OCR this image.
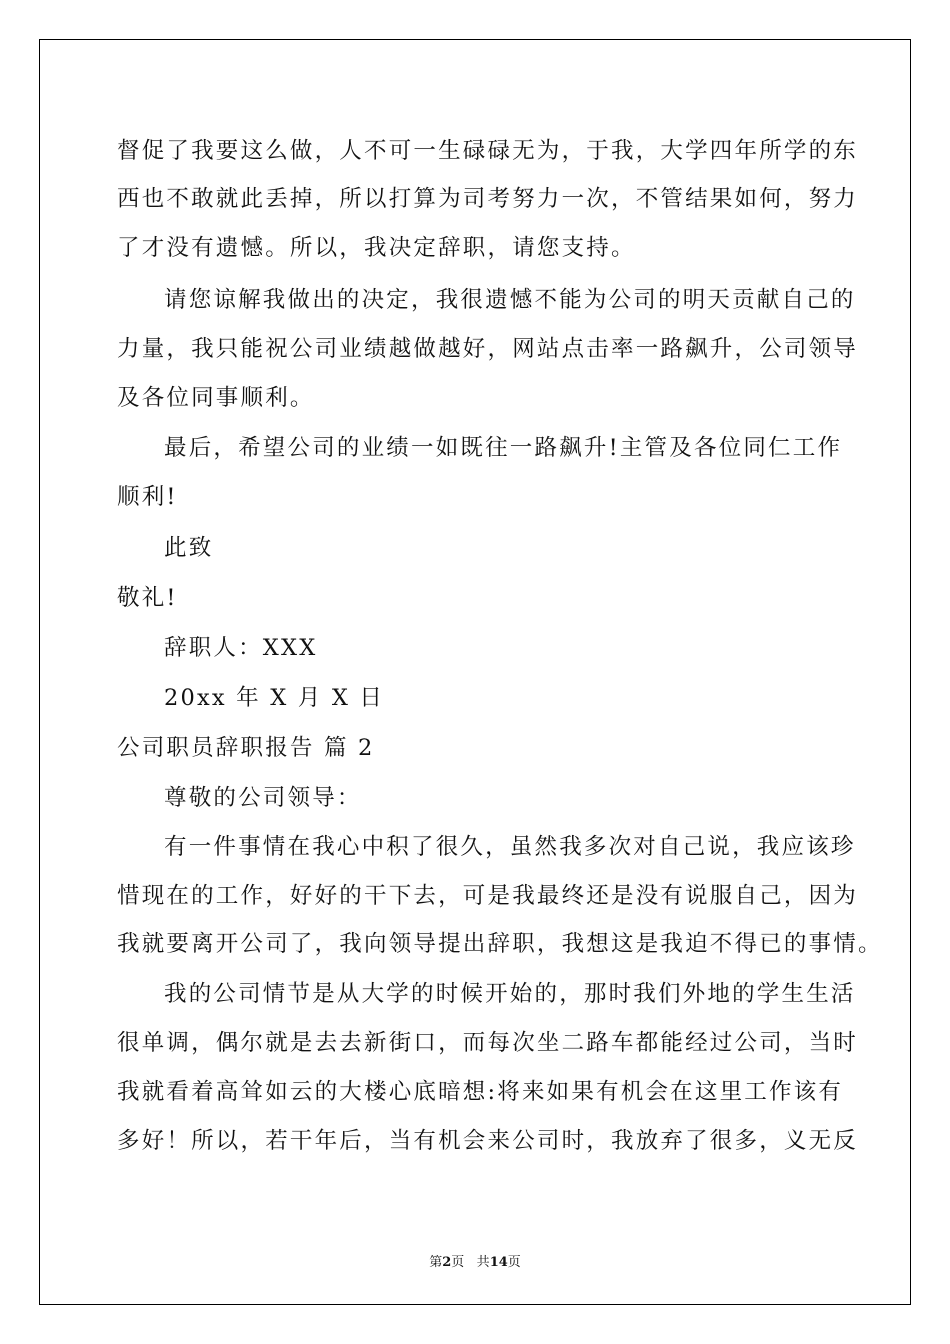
督促了我要这么做，人不可一生碌碌无为，于我，大学四年所学的东
西也不敢就此丢掉，所以打算为司考努力一次，不管结果如何，努力
了才没有遗憾。所以，我决定辞职，请您支持。
请您谅解我做出的决定，我很遗憾不能为公司的明天贡献自己的
力量，我只能祝公司业绩越做越好，网站点击率一路飙升，公司领导
及各位同事顺利。
最后，希望公司的业绩一如既往一路飙升!主管及各位同仁工作
顺利!
此致
敬礼!
辞职人：XXX
20xx 年 X 月 X 日
公司职员辞职报告 篇 2
尊敬的公司领导：
有一件事情在我心中积了很久，虽然我多次对自己说，我应该珍
惜现在的工作，好好的干下去，可是我最终还是没有说服自己，因为
我就要离开公司了，我向领导提出辞职，我想这是我迫不得已的事情。
我的公司情节是从大学的时候开始的，那时我们外地的学生生活
很单调，偶尔就是去去新街口，而每次坐二路车都能经过公司，当时
我就看着高耸如云的大楼心底暗想:将来如果有机会在这里工作该有
多好！所以，若干年后，当有机会来公司时，我放弃了很多，义无反
第2页 共14页
